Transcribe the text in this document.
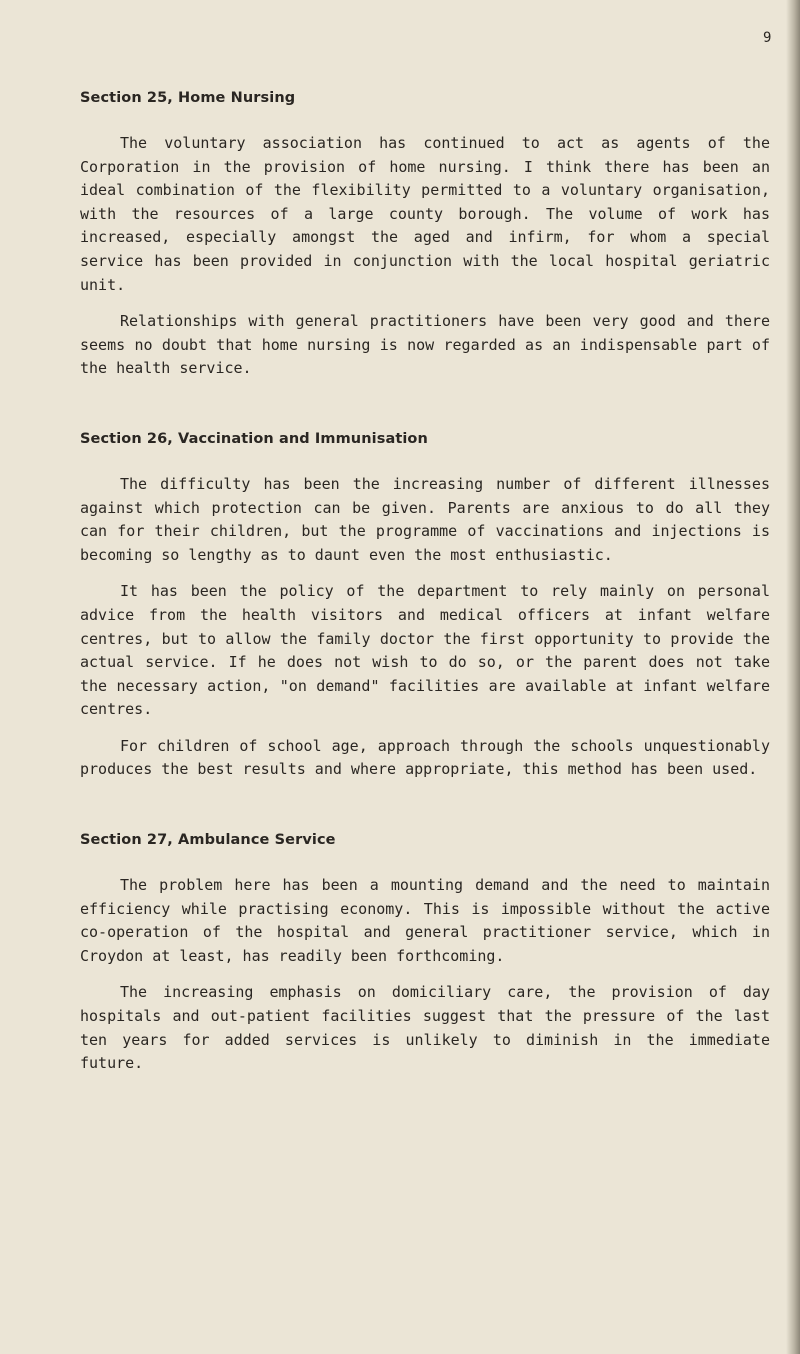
9
Section 25, Home Nursing

The voluntary association has continued to act as agents of the Corporation in the provision of home nursing. I think there has been an ideal combination of the flexibility permitted to a voluntary organisation, with the resources of a large county borough. The volume of work has increased, especially amongst the aged and infirm, for whom a special service has been provided in conjunction with the local hospital geriatric unit.

Relationships with general practitioners have been very good and there seems no doubt that home nursing is now regarded as an indispensable part of the health service.

Section 26, Vaccination and Immunisation

The difficulty has been the increasing number of different illnesses against which protection can be given. Parents are anxious to do all they can for their children, but the programme of vaccinations and injections is becoming so lengthy as to daunt even the most enthusiastic.

It has been the policy of the department to rely mainly on personal advice from the health visitors and medical officers at infant welfare centres, but to allow the family doctor the first opportunity to provide the actual service. If he does not wish to do so, or the parent does not take the necessary action, "on demand" facilities are available at infant welfare centres.

For children of school age, approach through the schools unquestionably produces the best results and where appropriate, this method has been used.

Section 27, Ambulance Service

The problem here has been a mounting demand and the need to maintain efficiency while practising economy. This is impossible without the active co-operation of the hospital and general practitioner service, which in Croydon at least, has readily been forthcoming.

The increasing emphasis on domiciliary care, the provision of day hospitals and out-patient facilities suggest that the pressure of the last ten years for added services is unlikely to diminish in the immediate future.
